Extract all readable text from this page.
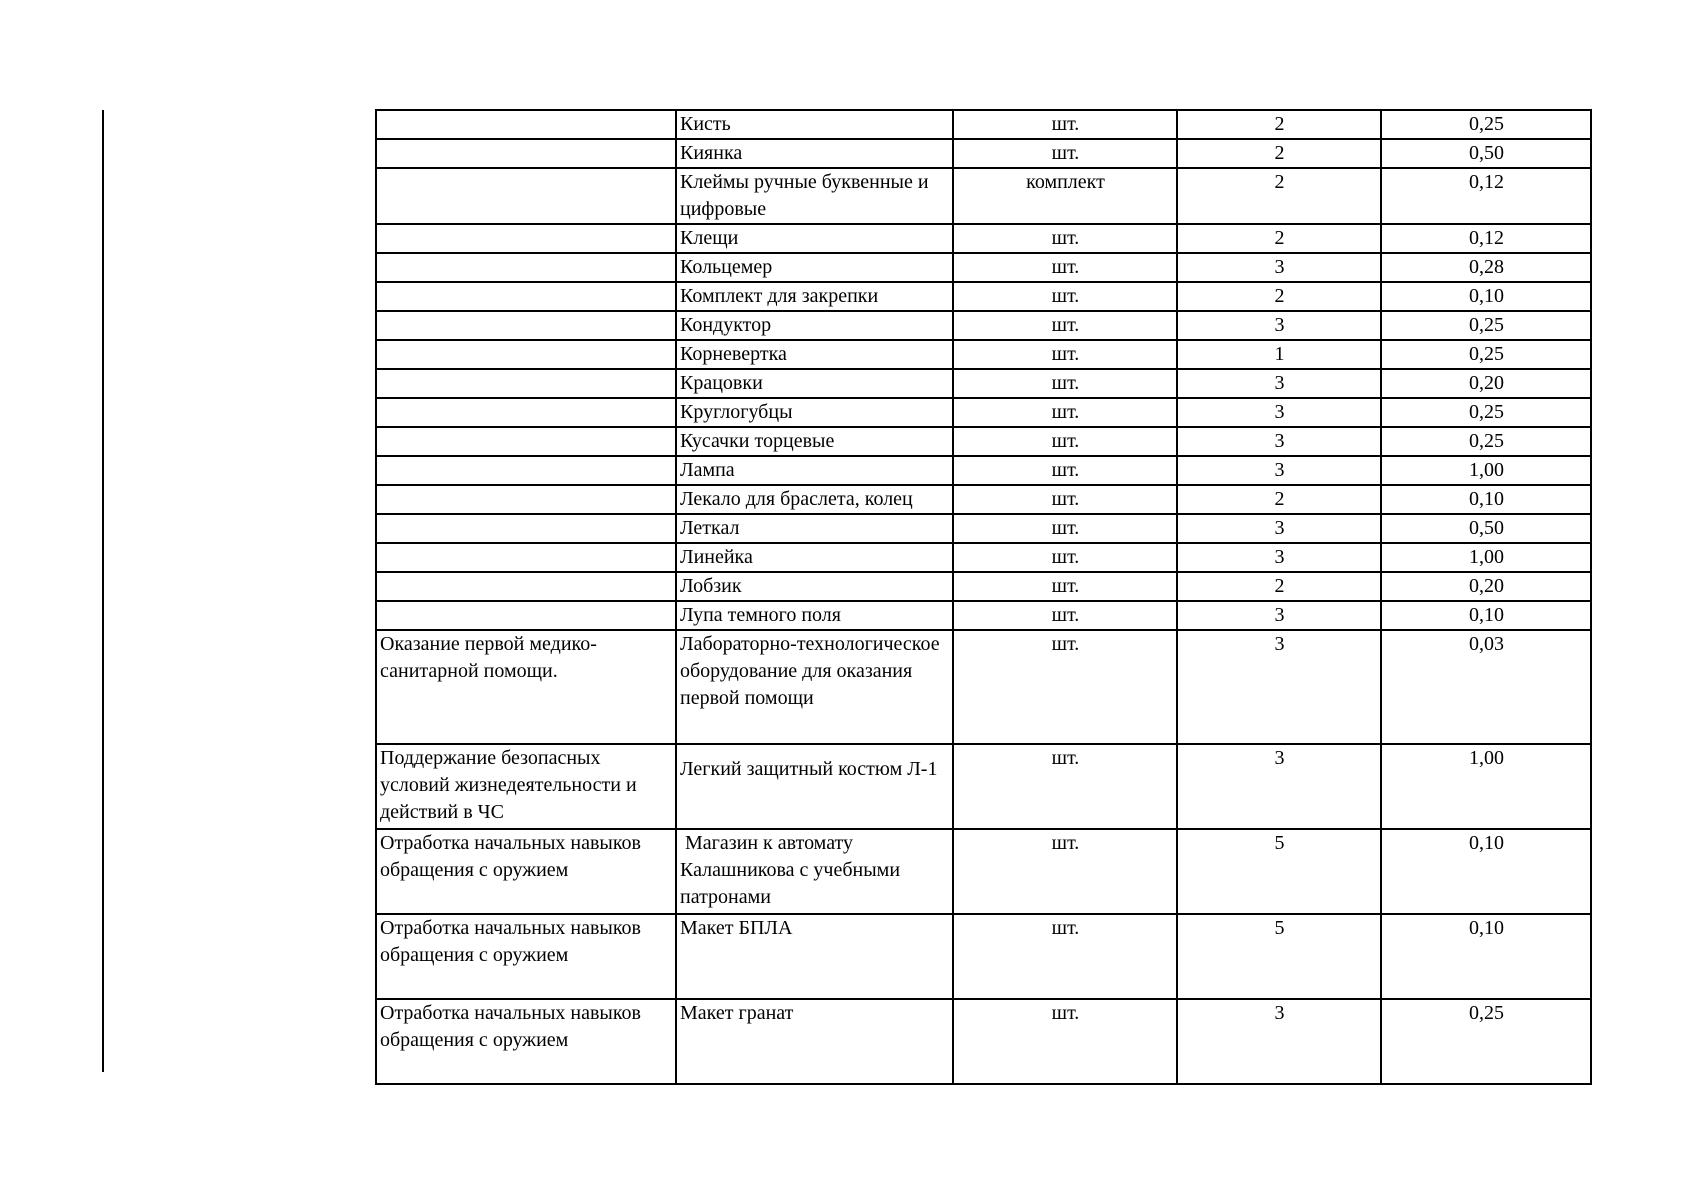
	Кисть	шт.	2	0,25
	Киянка	шт.	2	0,50
	Клеймы ручные буквенные и цифровые	комплект	2	0,12
	Клещи	шт.	2	0,12
	Кольцемер	шт.	3	0,28
	Комплект для закрепки	шт.	2	0,10
	Кондуктор	шт.	3	0,25
	Корневертка	шт.	1	0,25
	Крацовки	шт.	3	0,20
	Круглогубцы	шт.	3	0,25
	Кусачки торцевые	шт.	3	0,25
	Лампа	шт.	3	1,00
	Лекало для браслета, колец	шт.	2	0,10
	Леткал	шт.	3	0,50
	Линейка	шт.	3	1,00
	Лобзик	шт.	2	0,20
	Лупа темного поля	шт.	3	0,10
Оказание первой медико-санитарной помощи.	Лабораторно-технологическое оборудование для оказания первой помощи	шт.	3	0,03
Поддержание безопасных условий жизнедеятельности и действий в ЧС	Легкий защитный костюм Л-1	шт.	3	1,00
Отработка начальных навыков обращения с оружием	Магазин к автомату Калашникова с учебными патронами	шт.	5	0,10
Отработка начальных навыков обращения с оружием	Макет БПЛА	шт.	5	0,10
Отработка начальных навыков обращения с оружием	Макет гранат	шт.	3	0,25
